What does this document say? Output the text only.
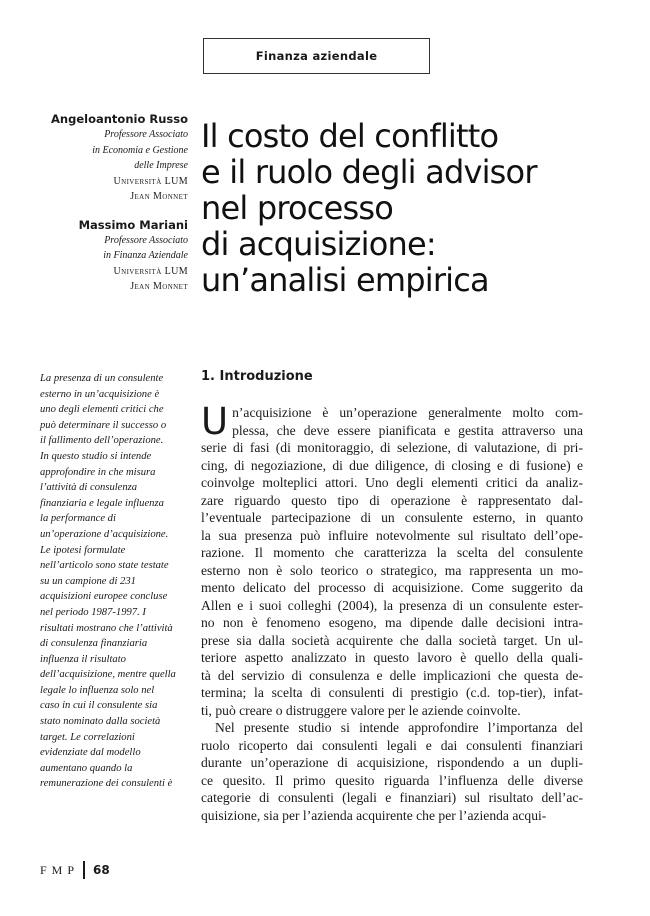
Finanza aziendale

Angeloantonio Russo

Professore Associato
in Economia e Gestione
delle Imprese
Università LUM
Jean Monnet

Massimo Mariani

Professore Associato
in Finanza Aziendale
Università LUM
Jean Monnet
Il costo del conflitto
e il ruolo degli advisor
nel processo
di acquisizione:
un’analisi empirica
La presenza di un consulente
esterno in un’acquisizione è
uno degli elementi critici che
può determinare il successo o
il fallimento dell’operazione.
In questo studio si intende
approfondire in che misura
l’attività di consulenza
finanziaria e legale influenza
la performance di
un’operazione d’acquisizione.
Le ipotesi formulate
nell’articolo sono state testate
su un campione di 231
acquisizioni europee concluse
nel periodo 1987-1997. I
risultati mostrano che l’attività
di consulenza finanziaria
influenza il risultato
dell’acquisizione, mentre quella
legale lo influenza solo nel
caso in cui il consulente sia
stato nominato dalla società
target. Le correlazioni
evidenziate dal modello
aumentano quando la
remunerazione dei consulenti è
1. Introduzione
U n’acquisizione è un’operazione generalmente molto com-
plessa, che deve essere pianificata e gestita attraverso una
serie di fasi (di monitoraggio, di selezione, di valutazione, di pri-
cing, di negoziazione, di due diligence, di closing e di fusione) e
coinvolge molteplici attori. Uno degli elementi critici da analiz-
zare riguardo questo tipo di operazione è rappresentato dal-
l’eventuale partecipazione di un consulente esterno, in quanto
la sua presenza può influire notevolmente sul risultato dell’ope-
razione. Il momento che caratterizza la scelta del consulente
esterno non è solo teorico o strategico, ma rappresenta un mo-
mento delicato del processo di acquisizione. Come suggerito da
Allen e i suoi colleghi (2004), la presenza di un consulente ester-
no non è fenomeno esogeno, ma dipende dalle decisioni intra-
prese sia dalla società acquirente che dalla società target. Un ul-
teriore aspetto analizzato in questo lavoro è quello della quali-
tà del servizio di consulenza e delle implicazioni che questa de-
termina; la scelta di consulenti di prestigio (c.d. top-tier), infat-
ti, può creare o distruggere valore per le aziende coinvolte.
Nel presente studio si intende approfondire l’importanza del
ruolo ricoperto dai consulenti legali e dai consulenti finanziari
durante un’operazione di acquisizione, rispondendo a un dupli-
ce quesito. Il primo quesito riguarda l’influenza delle diverse
categorie di consulenti (legali e finanziari) sul risultato dell’ac-
quisizione, sia per l’azienda acquirente che per l’azienda acqui-
FMP 68
